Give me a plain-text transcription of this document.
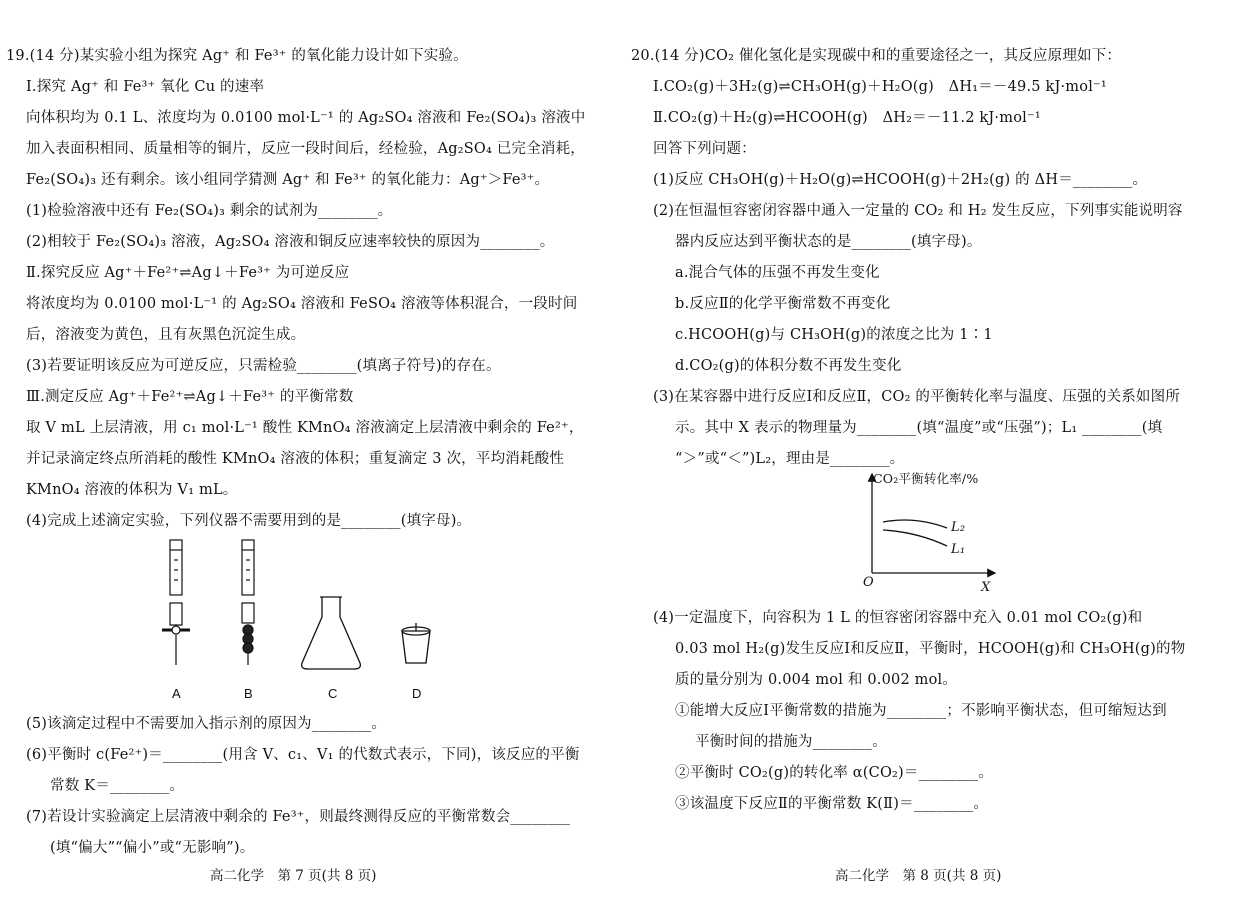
19.(14 分)某实验小组为探究 Ag⁺ 和 Fe³⁺ 的氧化能力设计如下实验。
Ⅰ.探究 Ag⁺ 和 Fe³⁺ 氧化 Cu 的速率
向体积均为 0.1 L、浓度均为 0.0100 mol·L⁻¹ 的 Ag₂SO₄ 溶液和 Fe₂(SO₄)₃ 溶液中
加入表面积相同、质量相等的铜片，反应一段时间后，经检验，Ag₂SO₄ 已完全消耗，
Fe₂(SO₄)₃ 还有剩余。该小组同学猜测 Ag⁺ 和 Fe³⁺ 的氧化能力：Ag⁺＞Fe³⁺。
(1)检验溶液中还有 Fe₂(SO₄)₃ 剩余的试剂为________。
(2)相较于 Fe₂(SO₄)₃ 溶液，Ag₂SO₄ 溶液和铜反应速率较快的原因为________。
Ⅱ.探究反应 Ag⁺＋Fe²⁺⇌Ag↓＋Fe³⁺ 为可逆反应
将浓度均为 0.0100 mol·L⁻¹ 的 Ag₂SO₄ 溶液和 FeSO₄ 溶液等体积混合，一段时间
后，溶液变为黄色，且有灰黑色沉淀生成。
(3)若要证明该反应为可逆反应，只需检验________(填离子符号)的存在。
Ⅲ.测定反应 Ag⁺＋Fe²⁺⇌Ag↓＋Fe³⁺ 的平衡常数
取 V mL 上层清液，用 c₁ mol·L⁻¹ 酸性 KMnO₄ 溶液滴定上层清液中剩余的 Fe²⁺，
并记录滴定终点所消耗的酸性 KMnO₄ 溶液的体积；重复滴定 3 次，平均消耗酸性
KMnO₄ 溶液的体积为 V₁ mL。
(4)完成上述滴定实验，下列仪器不需要用到的是________(填字母)。
A	B	C	D
(5)该滴定过程中不需要加入指示剂的原因为________。
(6)平衡时 c(Fe²⁺)＝________(用含 V、c₁、V₁ 的代数式表示，下同)，该反应的平衡
常数 K＝________。
(7)若设计实验滴定上层清液中剩余的 Fe³⁺，则最终测得反应的平衡常数会________
(填“偏大”“偏小”或“无影响”)。
高二化学　第 7 页(共 8 页)
20.(14 分)CO₂ 催化氢化是实现碳中和的重要途径之一，其反应原理如下：
Ⅰ.CO₂(g)＋3H₂(g)⇌CH₃OH(g)＋H₂O(g)　ΔH₁＝－49.5 kJ·mol⁻¹
Ⅱ.CO₂(g)＋H₂(g)⇌HCOOH(g)　ΔH₂＝－11.2 kJ·mol⁻¹
回答下列问题：
(1)反应 CH₃OH(g)＋H₂O(g)⇌HCOOH(g)＋2H₂(g) 的 ΔH＝________。
(2)在恒温恒容密闭容器中通入一定量的 CO₂ 和 H₂ 发生反应，下列事实能说明容
器内反应达到平衡状态的是________(填字母)。
a.混合气体的压强不再发生变化
b.反应Ⅱ的化学平衡常数不再变化
c.HCOOH(g)与 CH₃OH(g)的浓度之比为 1∶1
d.CO₂(g)的体积分数不再发生变化
(3)在某容器中进行反应Ⅰ和反应Ⅱ，CO₂ 的平衡转化率与温度、压强的关系如图所
示。其中 X 表示的物理量为________(填“温度”或“压强”)；L₁ ________(填
“＞”或“＜”)L₂，理由是________。
CO₂平衡转化率/%
O	X
L₂
L₁
(4)一定温度下，向容积为 1 L 的恒容密闭容器中充入 0.01 mol CO₂(g)和
0.03 mol H₂(g)发生反应Ⅰ和反应Ⅱ，平衡时，HCOOH(g)和 CH₃OH(g)的物
质的量分别为 0.004 mol 和 0.002 mol。
①能增大反应Ⅰ平衡常数的措施为________；不影响平衡状态，但可缩短达到
平衡时间的措施为________。
②平衡时 CO₂(g)的转化率 α(CO₂)＝________。
③该温度下反应Ⅱ的平衡常数 K(Ⅱ)＝________。
高二化学　第 8 页(共 8 页)
